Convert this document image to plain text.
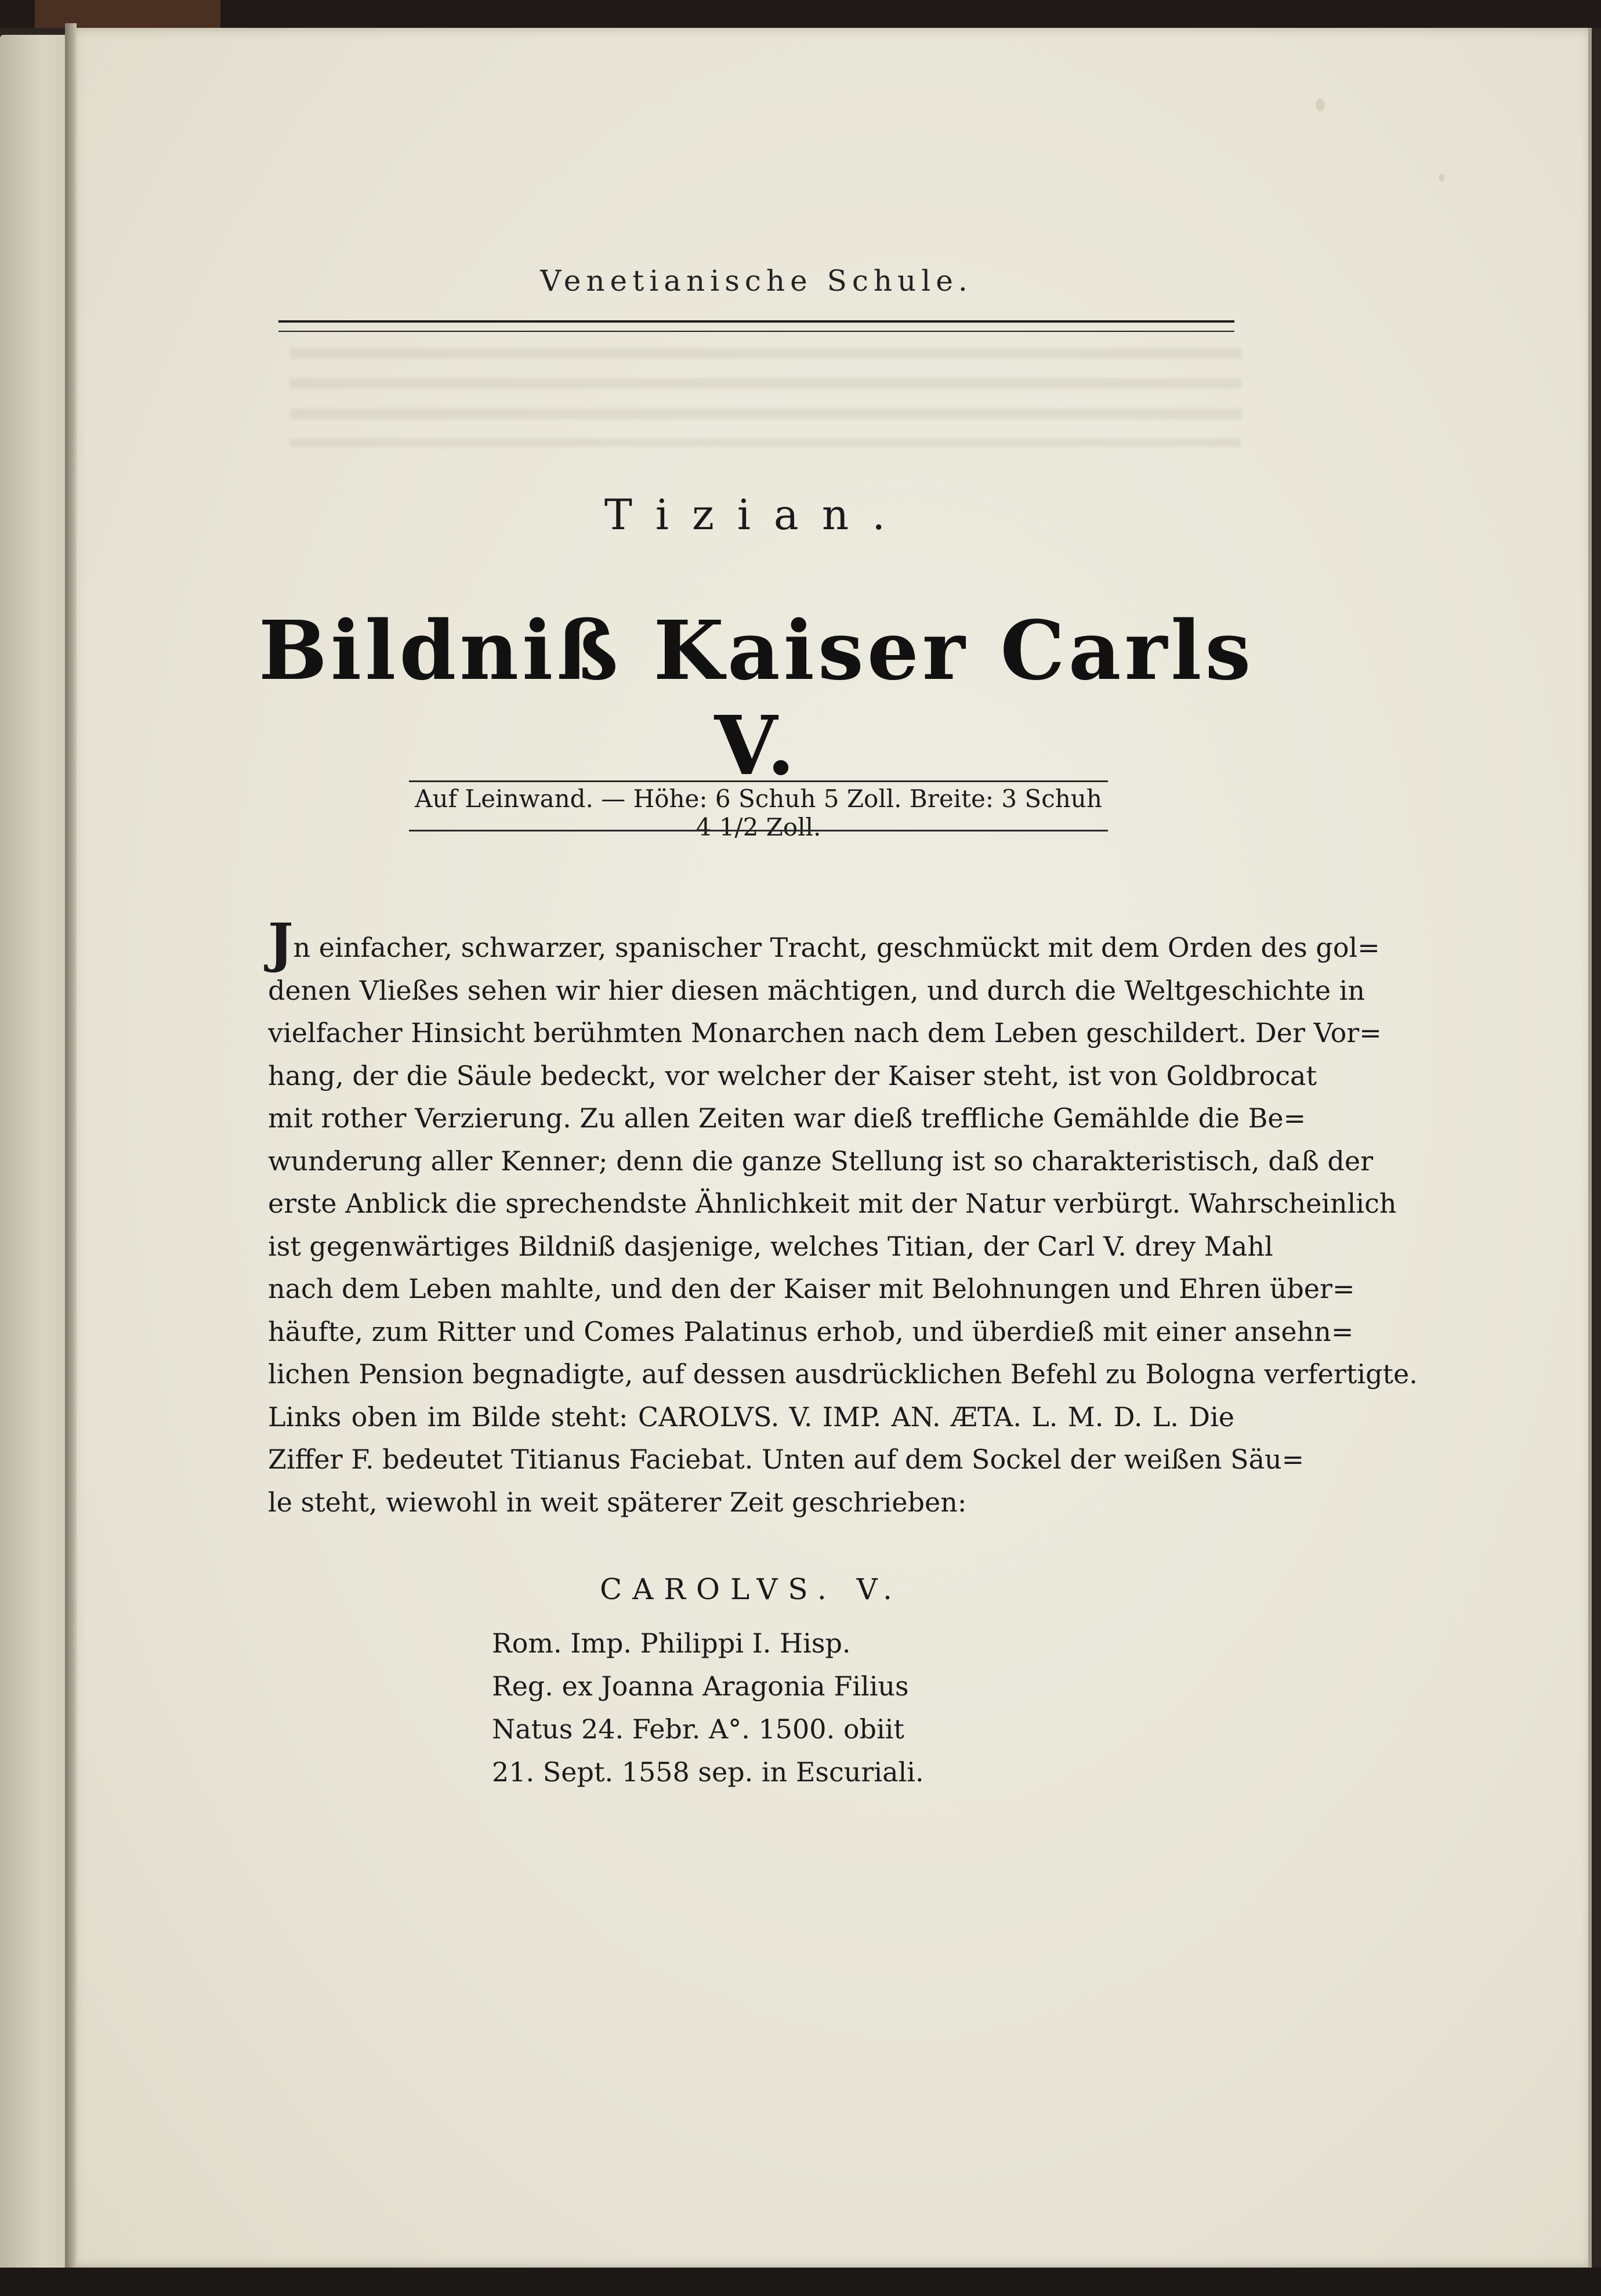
Venetianische Schule.
Tizian.
Bildniß Kaiser Carls V.
Auf Leinwand. — Höhe: 6 Schuh 5 Zoll. Breite: 3 Schuh 4 1/2 Zoll.
Jn einfacher, schwarzer, spanischer Tracht, geschmückt mit dem Orden des gol=
denen Vließes sehen wir hier diesen mächtigen, und durch die Weltgeschichte in
vielfacher Hinsicht berühmten Monarchen nach dem Leben geschildert. Der Vor=
hang, der die Säule bedeckt, vor welcher der Kaiser steht, ist von Goldbrocat
mit rother Verzierung. Zu allen Zeiten war dieß treffliche Gemählde die Be=
wunderung aller Kenner; denn die ganze Stellung ist so charakteristisch, daß der
erste Anblick die sprechendste Ähnlichkeit mit der Natur verbürgt. Wahrscheinlich
ist gegenwärtiges Bildniß dasjenige, welches Titian, der Carl V. drey Mahl
nach dem Leben mahlte, und den der Kaiser mit Belohnungen und Ehren über=
häufte, zum Ritter und Comes Palatinus erhob, und überdieß mit einer ansehn=
lichen Pension begnadigte, auf dessen ausdrücklichen Befehl zu Bologna verfertigte.
Links oben im Bilde steht: CAROLVS. V. IMP. AN. ÆTA. L. M. D. L. Die
Ziffer F. bedeutet Titianus Faciebat. Unten auf dem Sockel der weißen Säu=
le steht, wiewohl in weit späterer Zeit geschrieben:
CAROLVS. V.
Rom. Imp. Philippi I. Hisp.
Reg. ex Joanna Aragonia Filius
Natus 24. Febr. A°. 1500. obiit
21. Sept. 1558 sep. in Escuriali.
